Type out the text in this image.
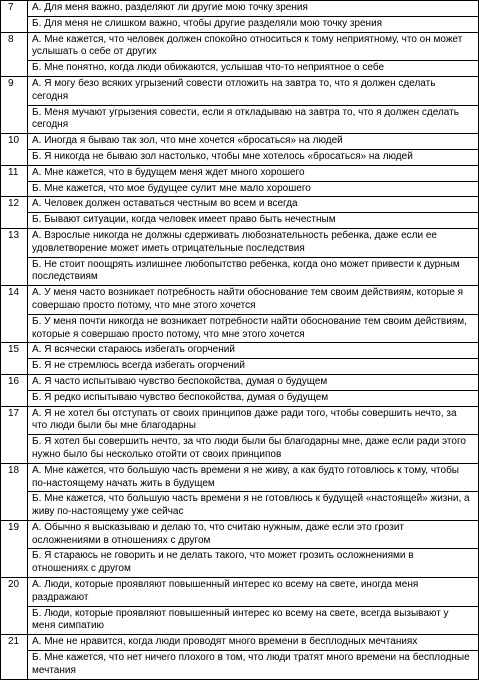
7	А. Для меня важно, разделяют ли другие мою точку зрения
	Б. Для меня не слишком важно, чтобы другие разделяли мою точку зрения
8	А. Мне кажется, что человек должен спокойно относиться к тому неприятному, что он может услышать о себе от других
	Б. Мне понятно, когда люди обижаются, услышав что-то неприятное о себе
9	А. Я могу безо всяких угрызений совести отложить на завтра то, что я должен сделать сегодня
	Б. Меня мучают угрызения совести, если я откладываю на завтра то, что я должен сделать сегодня
10	А. Иногда я бываю так зол, что мне хочется «бросаться» на людей
	Б. Я никогда не бываю зол настолько, чтобы мне хотелось «бросаться» на людей
11	А. Мне кажется, что в будущем меня ждет много хорошего
	Б. Мне кажется, что мое будущее сулит мне мало хорошего
12	А. Человек должен оставаться честным во всем и всегда
	Б. Бывают ситуации, когда человек имеет право быть нечестным
13	А. Взрослые никогда не должны сдерживать любознательность ребенка, даже если ее удовлетворение может иметь отрицательные последствия
	Б. Не стоит поощрять излишнее любопытство ребенка, когда оно может привести к дурным последствиям
14	А. У меня часто возникает потребность найти обоснование тем своим действиям, которые я совершаю просто потому, что мне этого хочется
	Б. У меня почти никогда не возникает потребности найти обоснование тем своим действиям, которые я совершаю просто потому, что мне этого хочется
15	А. Я всячески стараюсь избегать огорчений
	Б. Я не стремлюсь всегда избегать огорчений
16	А. Я часто испытываю чувство беспокойства, думая о будущем
	Б. Я редко испытываю чувство беспокойства, думая о будущем
17	А. Я не хотел бы отступать от своих принципов даже ради того, чтобы совершить нечто, за что люди были бы мне благодарны
	Б. Я хотел бы совершить нечто, за что люди были бы благодарны мне, даже если ради этого нужно было бы несколько отойти от своих принципов
18	А. Мне кажется, что большую часть времени я не живу, а как будто готовлюсь к тому, чтобы по-настоящему начать жить в будущем
	Б. Мне кажется, что большую часть времени я не готовлюсь к будущей «настоящей» жизни, а живу по-настоящему уже сейчас
19	А. Обычно я высказываю и делаю то, что считаю нужным, даже если это грозит осложнениями в отношениях с другом
	Б. Я стараюсь не говорить и не делать такого, что может грозить осложнениями в отношениях с другом
20	А. Люди, которые проявляют повышенный интерес ко всему на свете, иногда меня раздражают
	Б. Люди, которые проявляют повышенный интерес ко всему на свете, всегда вызывают у меня симпатию
21	А. Мне не нравится, когда люди проводят много времени в бесплодных мечтаниях
	Б. Мне кажется, что нет ничего плохого в том, что люди тратят много времени на бесплодные мечтания
